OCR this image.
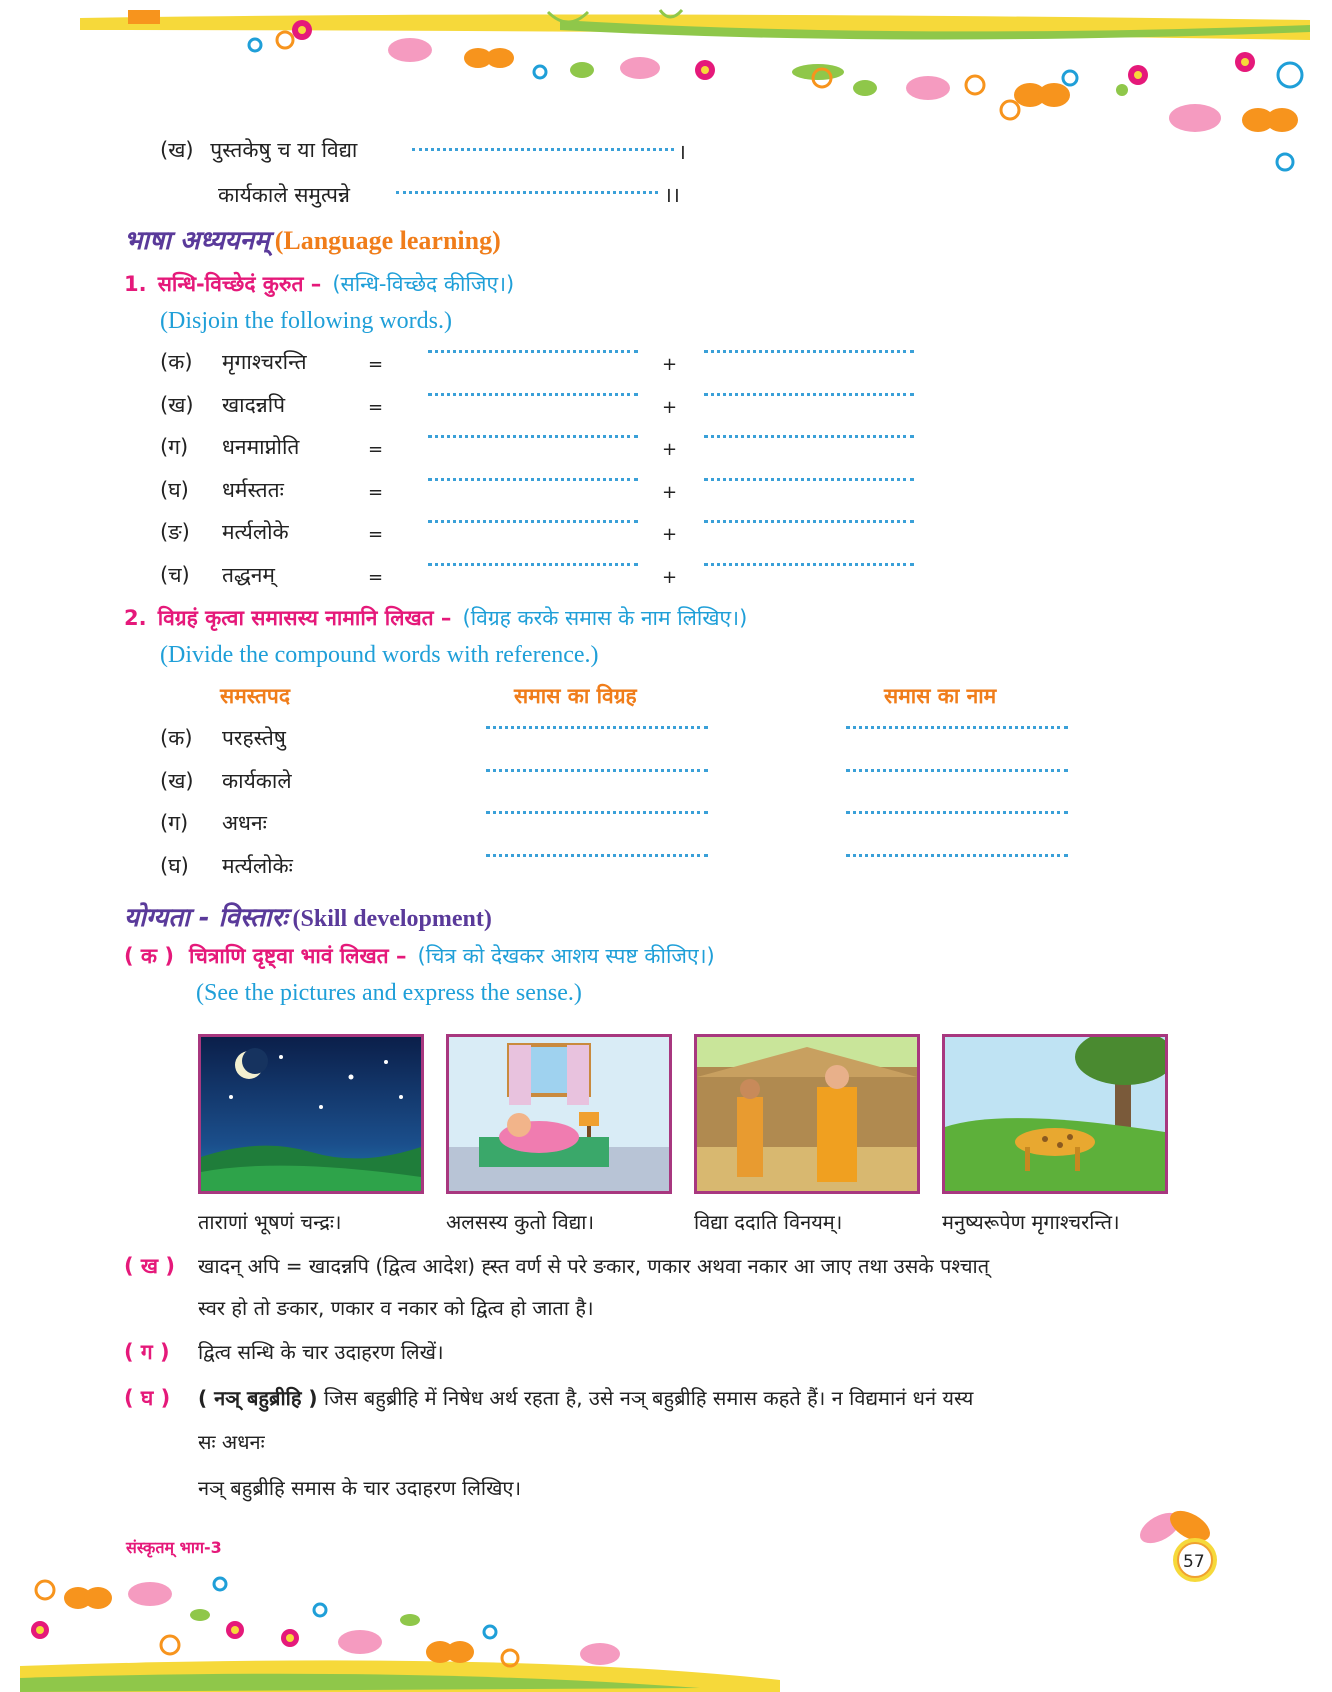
(ख) पुस्तकेषु च या विद्या	।
कार्यकाले समुत्पन्ने	।।
भाषा अध्ययनम् (Language learning)
1. सन्धि-विच्छेदं कुरुत – (सन्धि-विच्छेद कीजिए।)
(Disjoin the following words.)
(क) मृगाश्चरन्ति	=	+
(ख) खादन्नपि	=	+
(ग) धनमाप्नोति	=	+
(घ) धर्मस्ततः	=	+
(ङ) मर्त्यलोके	=	+
(च) तद्धनम्	=	+
2. विग्रहं कृत्वा समासस्य नामानि लिखत – (विग्रह करके समास के नाम लिखिए।)
(Divide the compound words with reference.)
समस्तपद	समास का विग्रह	समास का नाम
(क) परहस्तेषु
(ख) कार्यकाले
(ग) अधनः
(घ) मर्त्यलोकेः
योग्यता - विस्तारः (Skill development)
( क ) चित्राणि दृष्ट्वा भावं लिखत – (चित्र को देखकर आशय स्पष्ट कीजिए।)
(See the pictures and express the sense.)
ताराणां भूषणं चन्द्रः।	अलसस्य कुतो विद्या।	विद्या ददाति विनयम्।	मनुष्यरूपेण मृगाश्चरन्ति।
( ख ) खादन् अपि = खादन्नपि (द्वित्व आदेश) ह्स्त वर्ण से परे ङकार, णकार अथवा नकार आ जाए तथा उसके पश्चात्
स्वर हो तो ङकार, णकार व नकार को द्वित्व हो जाता है।
( ग ) द्वित्व सन्धि के चार उदाहरण लिखें।
( घ ) ( नञ् बहुब्रीहि ) जिस बहुब्रीहि में निषेध अर्थ रहता है, उसे नञ् बहुब्रीहि समास कहते हैं। न विद्यमानं धनं यस्य
सः अधनः
नञ् बहुब्रीहि समास के चार उदाहरण लिखिए।
संस्कृतम् भाग-3
57
